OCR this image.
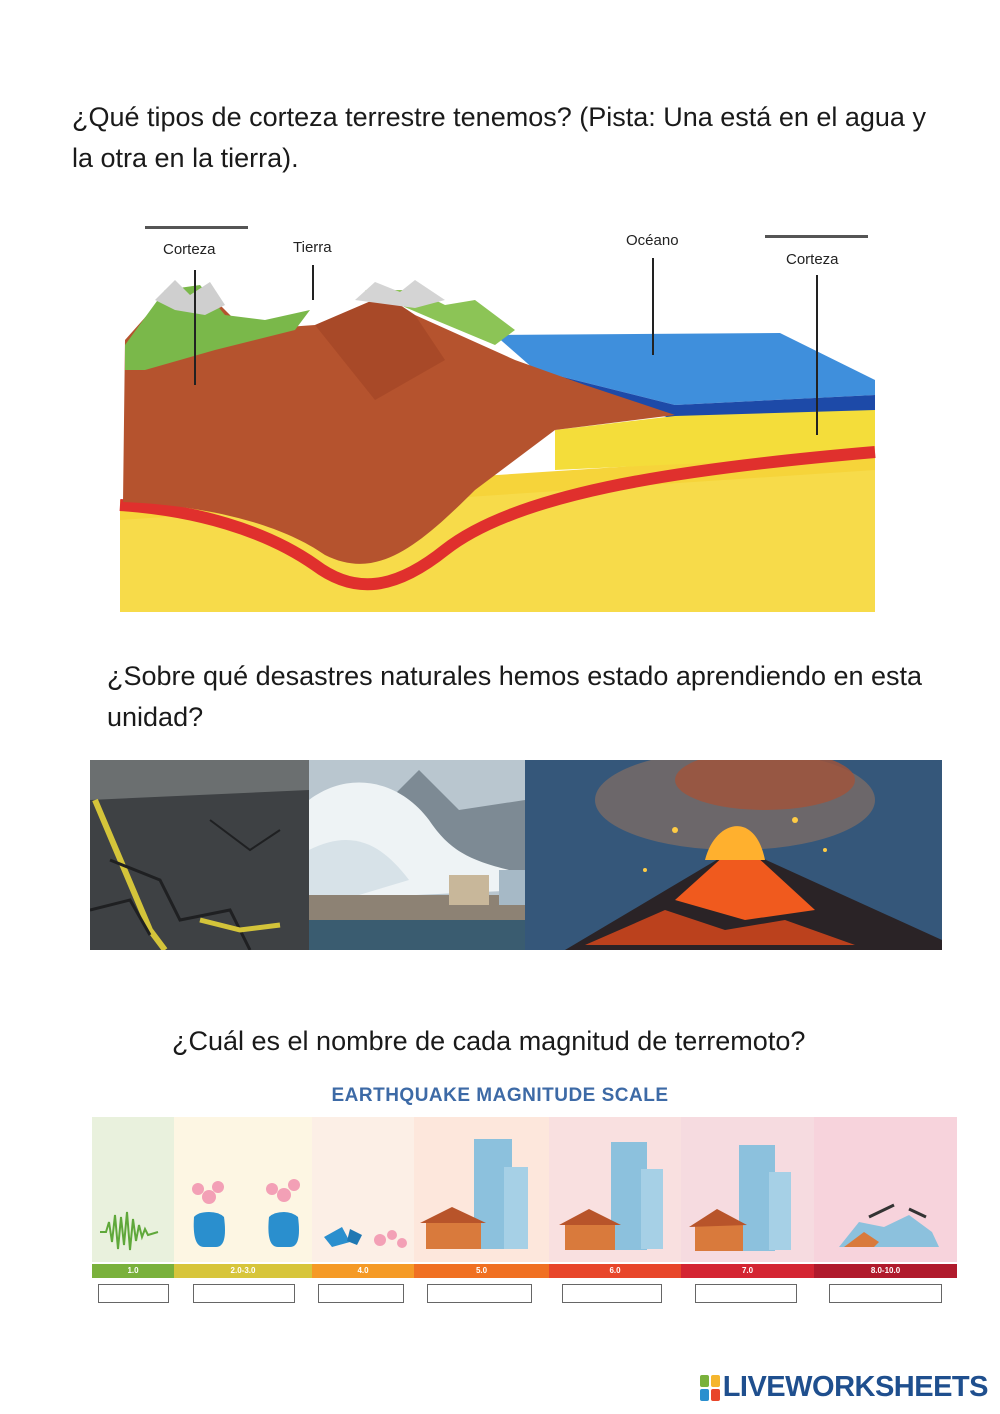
¿Qué tipos de corteza terrestre tenemos? (Pista: Una está en el agua y la otra en la tierra).
Corteza	Tierra	Océano
Corteza
¿Sobre qué desastres naturales hemos estado aprendiendo en esta unidad?
¿Cuál es el nombre de cada magnitud de terremoto?
EARTHQUAKE MAGNITUDE SCALE
1.0	2.0-3.0	4.0	5.0	6.0	7.0	8.0-10.0
LIVEWORKSHEETS
